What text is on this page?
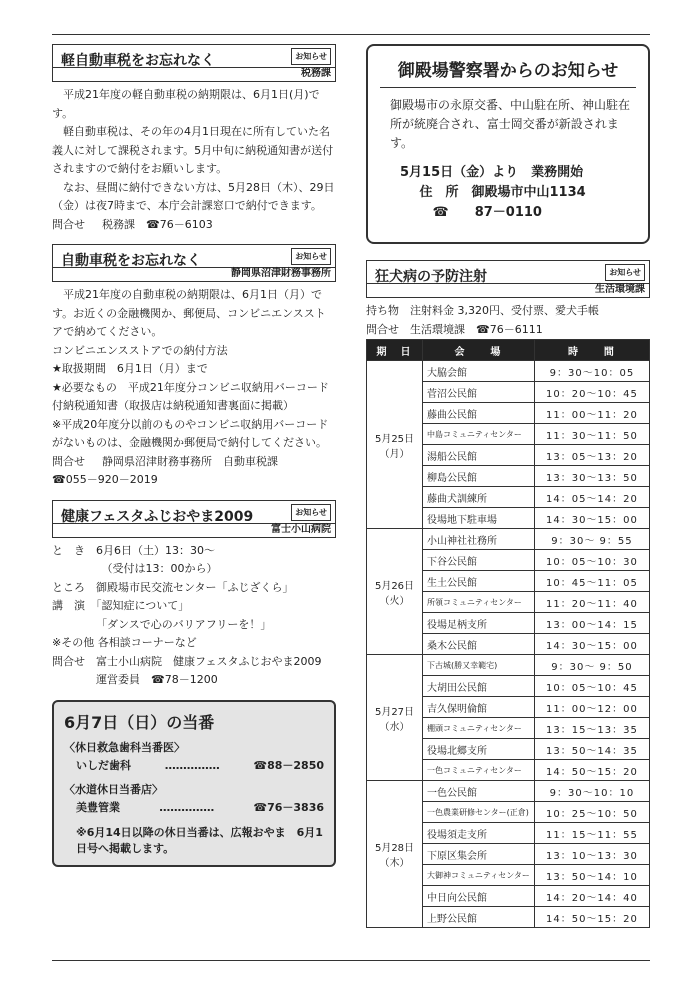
軽自動車税をお忘れなく	お知らせ
税務課

平成21年度の軽自動車税の納期限は、6月1日(月)です。

軽自動車税は、その年の4月1日現在に所有していた名義人に対して課税されます。5月中旬に納税通知書が送付されますので納付をお願いします。

なお、昼間に納付できない方は、5月28日（木）、29日（金）は夜7時まで、本庁会計課窓口で納付できます。

問合せ	税務課　☎76－6103
自動車税をお忘れなく	お知らせ
静岡県沼津財務事務所

平成21年度の自動車税の納期限は、6月1日（月）です。お近くの金融機関か、郵便局、コンビニエンスストアで納めてください。

コンビニエンスストアでの納付方法

★取扱期間　6月1日（月）まで

★必要なもの　平成21年度分コンビニ収納用バーコード付納税通知書（取扱店は納税通知書裏面に掲載）

※平成20年度分以前のものやコンビニ収納用バーコードがないものは、金融機関か郵便局で納付してください。

問合せ	静岡県沼津財務事務所　自動車税課

☎055－920－2019

健康フェスタふじおやま2009	お知らせ
富士小山病院

と　き　6月6日（土）13：30～

（受付は13：00から）

ところ　御殿場市民交流センター「ふじざくら」

講　演　「認知症について」

「ダンスで心のバリアフリーを！」

※その他 各相談コーナーなど

問合せ　富士小山病院　健康フェスタふじおやま2009

運営委員　☎78－1200

6月7日（日）の当番
〈休日救急歯科当番医〉
いしだ歯科	……………	☎88－2850
〈水道休日当番店〉
美豊管業	……………	☎76－3836
※6月14日以降の休日当番は、広報おやま　6月1日号へ掲載します。
御殿場警察署からのお知らせ

御殿場市の永原交番、中山駐在所、神山駐在所が統廃合され、富士岡交番が新設されます。

5月15日（金）より　業務開始

住　所　御殿場市中山1134

☎　　87－0110

狂犬病の予防注射	お知らせ
生活環境課

持ち物　注射料金 3,320円、受付票、愛犬手帳

問合せ　生活環境課　☎76－6111

期　日	会　　場	時　　間

5月25日
（月）	大脇会館	9：30～10：05
	菅沼公民館	10：20～10：45
	藤曲公民館	11：00～11：20
	中島コミュニティセンター	11：30～11：50
	湯船公民館	13：05～13：20
	柳島公民館	13：30～13：50
	藤曲犬訓練所	14：05～14：20
	役場地下駐車場	14：30～15：00

5月26日
（火）	小山神社社務所	9：30～ 9：55
	下谷公民館	10：05～10：30
	生土公民館	10：45～11：05
	所領コミュニティセンター	11：20～11：40
	役場足柄支所	13：00～14：15
	桑木公民館	14：30～15：00

5月27日
（水）	下古城(勝又幸範宅)	9：30～ 9：50
	大胡田公民館	10：05～10：45
	吉久保明倫館	11：00～12：00
	棚頭コミュニティセンター	13：15～13：35
	役場北郷支所	13：50～14：35
	一色コミュニティセンター	14：50～15：20

5月28日
（木）	一色公民館	9：30～10：10
	一色農業研修センター(正倉)	10：25～10：50
	役場須走支所	11：15～11：55
	下原区集会所	13：10～13：30
	大御神コミュニティセンター	13：50～14：10
	中日向公民館	14：20～14：40
	上野公民館	14：50～15：20
